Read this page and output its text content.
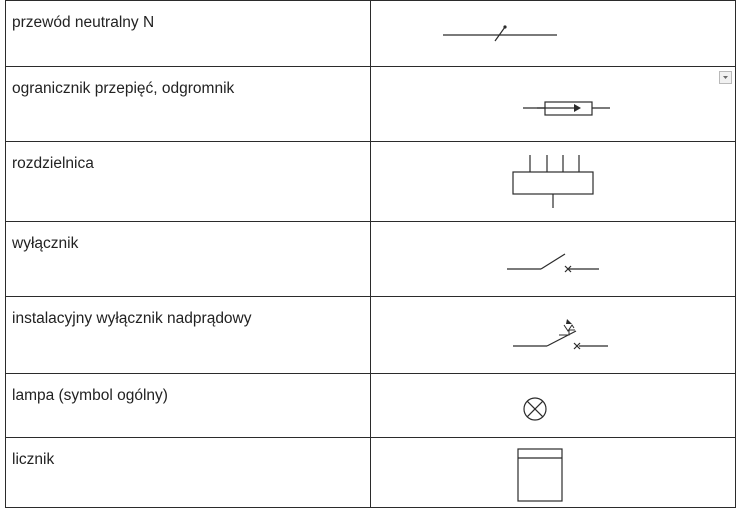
przewód neutralny N

ogranicznik przepięć, odgromnik

rozdzielnica

wyłącznik

instalacyjny wyłącznik nadprądowy

lampa (symbol ogólny)

licznik
